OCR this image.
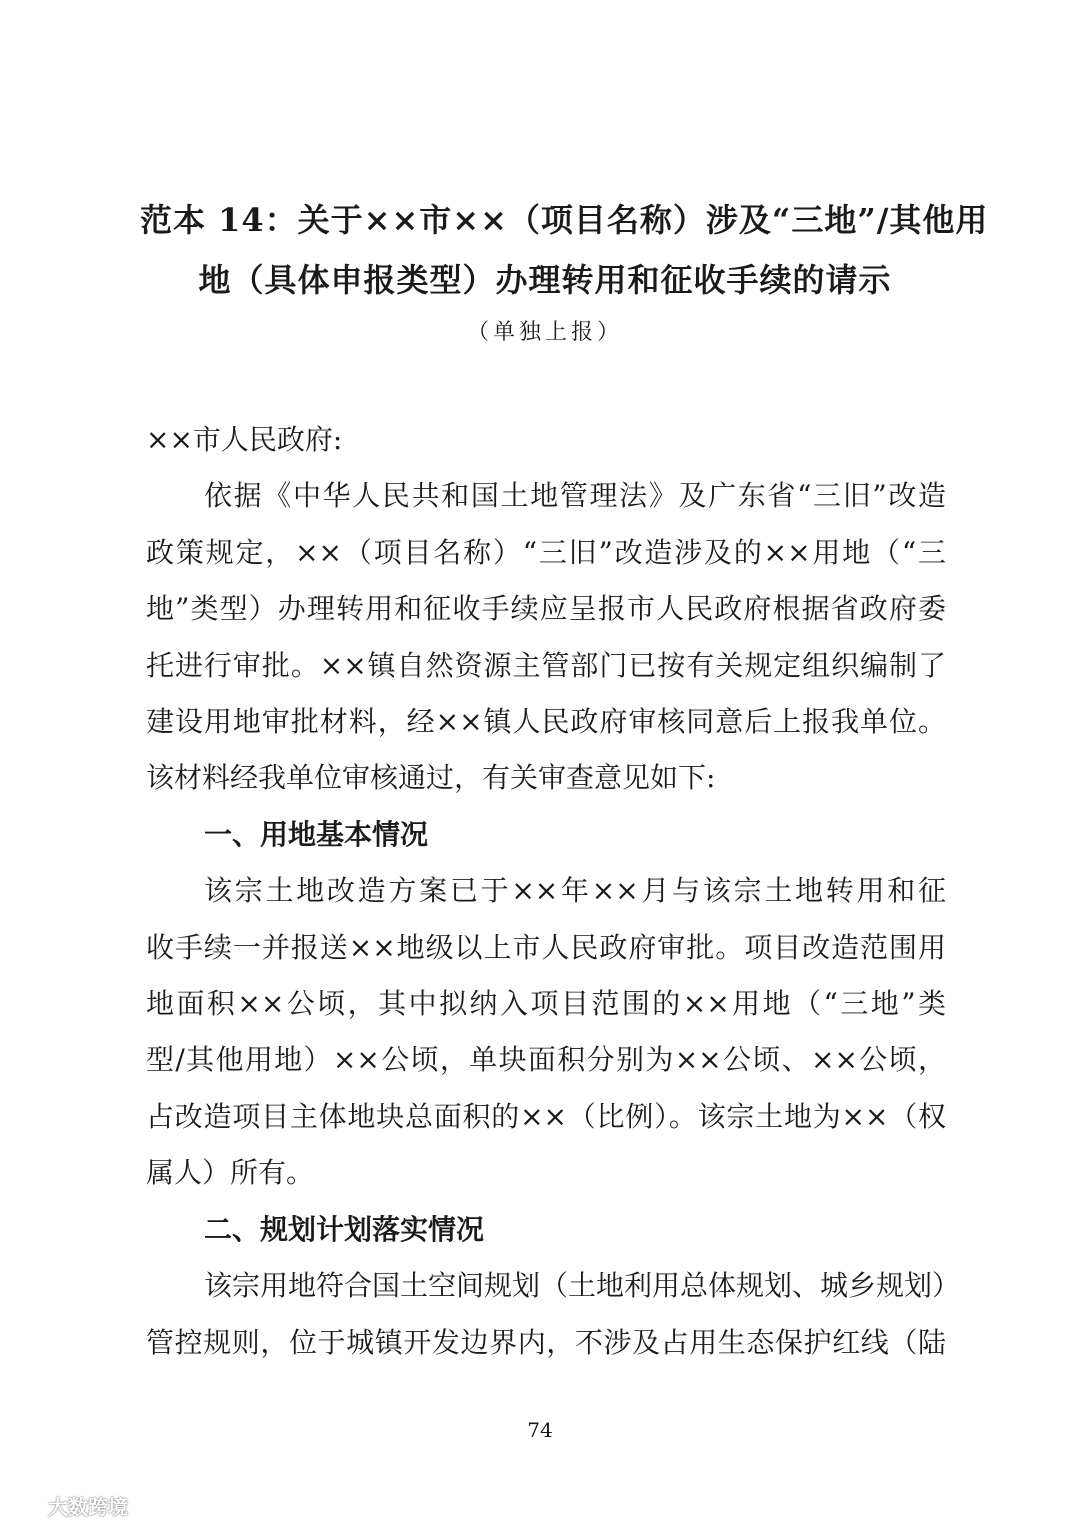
范本 14：关于××市××（项目名称）涉及“三地”/其他用
地（具体申报类型）办理转用和征收手续的请示
（单独上报）
××市人民政府:
依据《中华人民共和国土地管理法》及广东省“三旧”改造
政策规定，××（项目名称）“三旧”改造涉及的××用地（“三
地”类型）办理转用和征收手续应呈报市人民政府根据省政府委
托进行审批。××镇自然资源主管部门已按有关规定组织编制了
建设用地审批材料，经××镇人民政府审核同意后上报我单位。
该材料经我单位审核通过，有关审查意见如下:
一、用地基本情况
该宗土地改造方案已于××年××月与该宗土地转用和征
收手续一并报送××地级以上市人民政府审批。项目改造范围用
地面积××公顷，其中拟纳入项目范围的××用地（“三地”类
型/其他用地）××公顷，单块面积分别为××公顷、××公顷，
占改造项目主体地块总面积的××（比例）。该宗土地为××（权
属人）所有。
二、规划计划落实情况
该宗用地符合国土空间规划（土地利用总体规划、城乡规划）
管控规则，位于城镇开发边界内，不涉及占用生态保护红线（陆
74
大数跨境
